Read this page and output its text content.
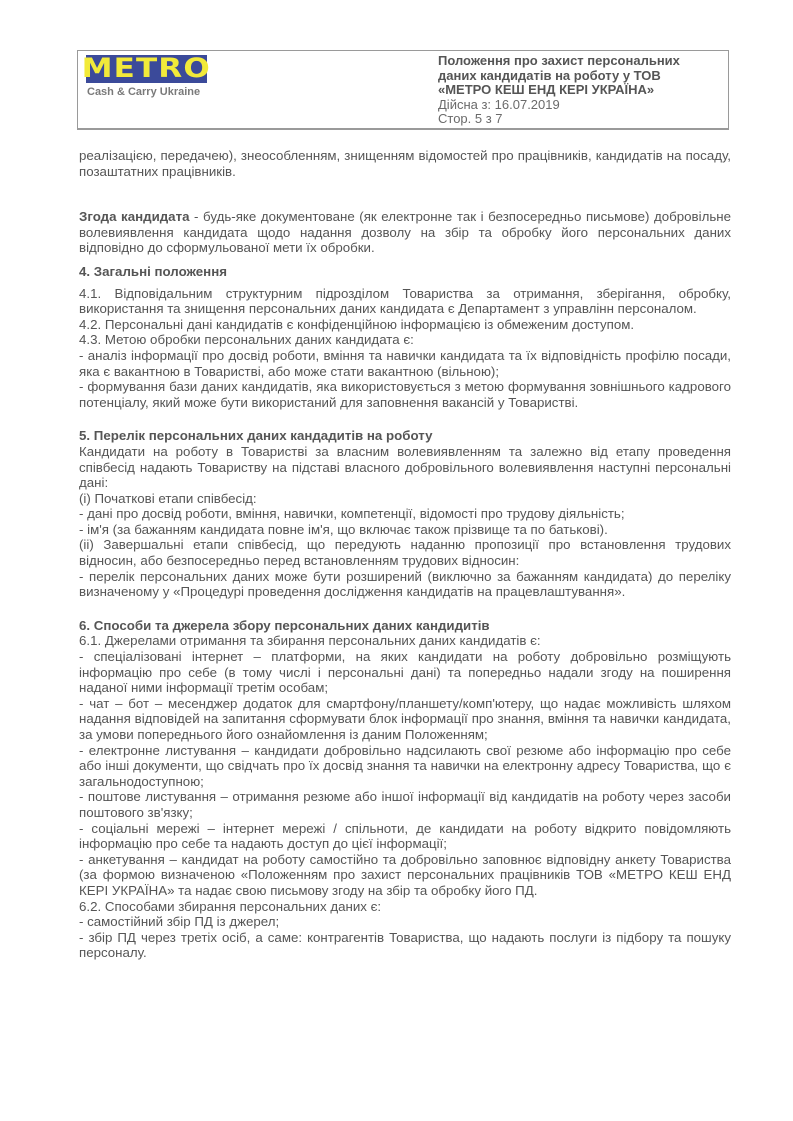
METRO
Cash & Carry Ukraine
Положення про захист персональних
даних кандидатів на роботу у ТОВ
«МЕТРО КЕШ ЕНД КЕРІ УКРАЇНА»
Дійсна з: 16.07.2019
Стор. 5 з 7

реалізацією, передачею), знеособленням, знищенням відомостей про працівників, кандидатів на посаду, позаштатних працівників.

Згода кандидата - будь-яке документоване (як електронне так і безпосередньо письмове) добровільне волевиявлення кандидата щодо надання дозволу на збір та обробку його персональних даних відповідно до сформульованої мети їх обробки.

4. Загальні положення

4.1. Відповідальним структурним підрозділом Товариства за отримання, зберігання, обробку, використання та знищення персональних даних кандидата є Департамент з управлінн персоналом.

4.2. Персональні дані кандидатів є конфіденційною інформацією із обмеженим доступом.

4.3. Метою обробки персональних даних кандидата є:

- аналіз інформації про досвід роботи, вміння та навички кандидата та їх відповідність профілю посади, яка є вакантною в Товаристві, або може стати вакантною (вільною);

- формування бази даних кандидатів, яка використовується з метою формування зовнішнього кадрового потенціалу, який може бути використаний для заповнення вакансій у Товаристві.

5. Перелік персональних даних кандадитів на роботу

Кандидати на роботу в Товаристві за власним волевиявленням та залежно від етапу проведення співбесід надають Товариству на підставі власного добровільного волевиявлення наступні персональні дані:

(і) Початкові етапи співбесід:

- дані про досвід роботи, вміння, навички, компетенції, відомості про трудову діяльність;

- ім'я (за бажанням кандидата повне ім'я, що включає також прізвище та по батькові).

(іі) Завершальні етапи співбесід, що передують наданню пропозиції про встановлення трудових відносин, або безпосередньо перед встановленням трудових відносин:

- перелік персональних даних може бути розширений (виключно за бажанням кандидата) до переліку визначеному у «Процедурі проведення дослідження кандидатів на працевлаштування».

6. Способи та джерела збору персональних даних кандидитів

6.1. Джерелами отримання та збирання персональних даних кандидатів є:

- спеціалізовані інтернет – платформи, на яких кандидати на роботу добровільно розміщують інформацію про себе (в тому числі і персональні дані) та попередньо надали згоду на поширення наданої ними інформації третім особам;

- чат – бот – месенджер додаток для смартфону/планшету/комп'ютеру, що надає можливість шляхом надання відповідей на запитання сформувати блок інформації про знання, вміння та навички кандидата, за умови попереднього його ознайомлення із даним Положенням;

- електронне листування – кандидати добровільно надсилають свої резюме або інформацію про себе або інші документи, що свідчать про їх досвід знання та навички на електронну адресу Товариства, що є загальнодоступною;

- поштове листування – отримання резюме або іншої інформації від кандидатів на роботу через засоби поштового зв'язку;

- соціальні мережі – інтернет мережі / спільноти, де кандидати на роботу відкрито повідомляють інформацію про себе та надають доступ до цієї інформації;

- анкетування – кандидат на роботу самостійно та добровільно заповнює відповідну анкету Товариства (за формою визначеною «Положенням про захист персональних працівників ТОВ «МЕТРО КЕШ ЕНД КЕРІ УКРАЇНА» та надає свою письмову згоду на збір та обробку його ПД.

6.2. Способами збирання персональних даних є:

- самостійний збір ПД із джерел;

- збір ПД через третіх осіб, а саме: контрагентів Товариства, що надають послуги із підбору та пошуку персоналу.
